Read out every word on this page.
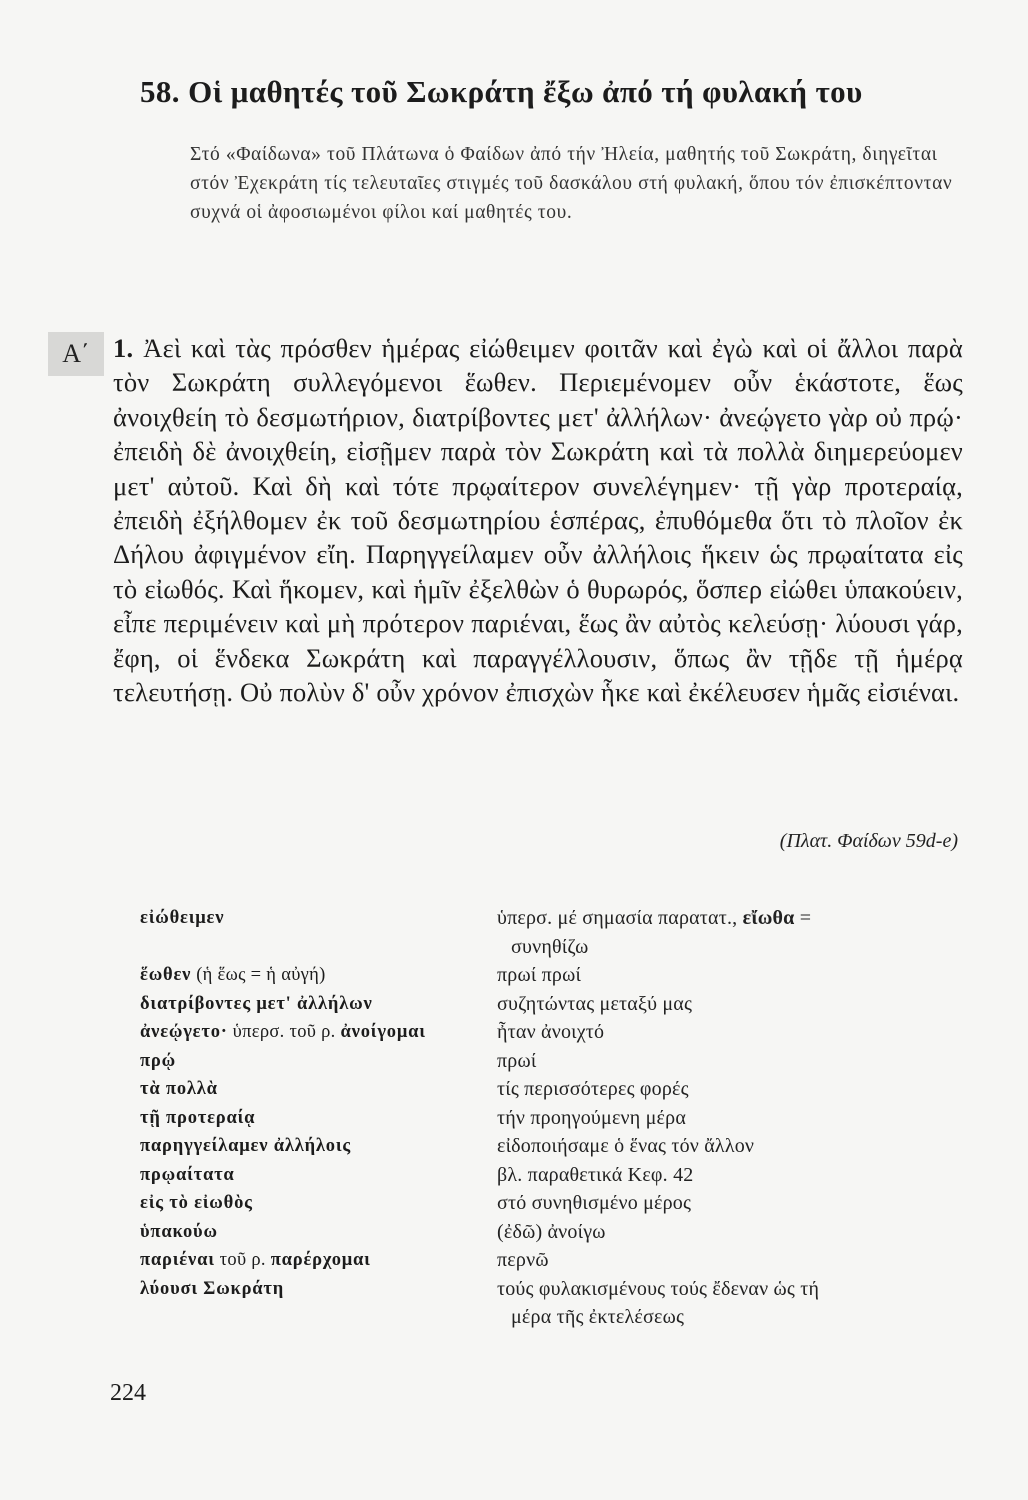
58. Οἱ μαθητές τοῦ Σωκράτη ἔξω ἀπό τή φυλακή του
Στό «Φαίδωνα» τοῦ Πλάτωνα ὁ Φαίδων ἀπό τήν Ἠλεία, μαθητής τοῦ Σωκράτη, διηγεῖται στόν Ἐχεκράτη τίς τελευταῖες στιγμές τοῦ δασκάλου στή φυλακή, ὅπου τόν ἐπισκέπτονταν συχνά οἱ ἀφοσιωμένοι φίλοι καί μαθητές του.
Α΄ 1. Ἀεὶ καὶ τὰς πρόσθεν ἡμέρας εἰώθειμεν φοιτᾶν καὶ ἐγὼ καὶ οἱ ἄλλοι παρὰ τὸν Σωκράτη συλλεγόμενοι ἕωθεν. Περιεμένομεν οὖν ἑκάστοτε, ἕως ἀνοιχθείη τὸ δεσμωτήριον, διατρίβοντες μετ' ἀλλήλων· ἀνεῴγετο γὰρ οὐ πρῴ· ἐπειδὴ δὲ ἀνοιχθείη, εἰσῇμεν παρὰ τὸν Σωκράτη καὶ τὰ πολλὰ διημερεύομεν μετ' αὐτοῦ. Καὶ δὴ καὶ τότε πρῳαίτερον συνελέγημεν· τῇ γὰρ προτεραίᾳ, ἐπειδὴ ἐξήλθομεν ἐκ τοῦ δεσμωτηρίου ἑσπέρας, ἐπυθόμεθα ὅτι τὸ πλοῖον ἐκ Δήλου ἀφιγμένον εἴη. Παρηγγείλαμεν οὖν ἀλλήλοις ἥκειν ὡς πρῳαίτατα εἰς τὸ εἰωθός. Καὶ ἥκομεν, καὶ ἡμῖν ἐξελθὼν ὁ θυρωρός, ὅσπερ εἰώθει ὑπακούειν, εἶπε περιμένειν καὶ μὴ πρότερον παριέναι, ἕως ἂν αὐτὸς κελεύσῃ· λύουσι γάρ, ἔφη, οἱ ἕνδεκα Σωκράτη καὶ παραγγέλλουσιν, ὅπως ἂν τῇδε τῇ ἡμέρᾳ τελευτήσῃ. Οὐ πολὺν δ' οὖν χρόνον ἐπισχὼν ἧκε καὶ ἐκέλευσεν ἡμᾶς εἰσιέναι.
(Πλατ. Φαίδων 59d-e)
εἰώθειμεν	ὑπερσ. μέ σημασία παρατατ., εἴωθα =
συνηθίζω
ἕωθεν (ἡ ἕως = ἡ αὐγή)	πρωί πρωί
διατρίβοντες μετ' ἀλλήλων	συζητώντας μεταξύ μας
ἀνεῴγετο· ὑπερσ. τοῦ ρ. ἀνοίγομαι	ἦταν ἀνοιχτό
πρῴ	πρωί
τὰ πολλὰ	τίς περισσότερες φορές
τῇ προτεραίᾳ	τήν προηγούμενη μέρα
παρηγγείλαμεν ἀλλήλοις	εἰδοποιήσαμε ὁ ἕνας τόν ἄλλον
πρῳαίτατα	βλ. παραθετικά Κεφ. 42
εἰς τὸ εἰωθὸς	στό συνηθισμένο μέρος
ὑπακούω	(ἐδῶ) ἀνοίγω
παριέναι τοῦ ρ. παρέρχομαι	περνῶ
λύουσι Σωκράτη	τούς φυλακισμένους τούς ἔδεναν ὡς τή
μέρα τῆς ἐκτελέσεως
224
